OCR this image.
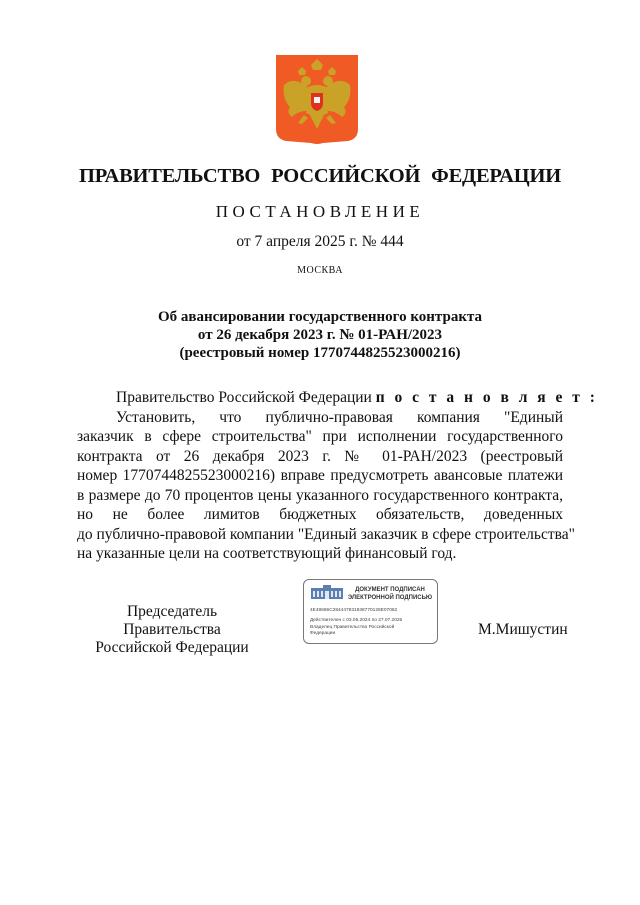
ПРАВИТЕЛЬСТВО РОССИЙСКОЙ ФЕДЕРАЦИИ
ПОСТАНОВЛЕНИЕ
от 7 апреля 2025 г. № 444
МОСКВА
Об авансировании государственного контракта
от 26 декабря 2023 г. № 01-РАН/2023
(реестровый номер 1770744825523000216)
Правительство Российской Федерации п о с т а н о в л я е т :
Установить, что публично-правовая компания "Единый
заказчик в сфере строительства" при исполнении государственного
контракта от 26 декабря 2023 г. № 01-РАН/2023 (реестровый
номер 1770744825523000216) вправе предусмотреть авансовые платежи
в размере до 70 процентов цены указанного государственного контракта,
но не более лимитов бюджетных обязательств, доведенных
до публично-правовой компании "Единый заказчик в сфере строительства"
на указанные цели на соответствующий финансовый год.
Председатель Правительства
Российской Федерации
ДОКУМЕНТ ПОДПИСАН
ЭЛЕКТРОННОЙ ПОДПИСЬЮ
4E48686C284447931938770128E07062
Действителен с 03.05.2024 по 27.07.2025
Владелец Правительство Российской
Федерации	М.Мишустин
